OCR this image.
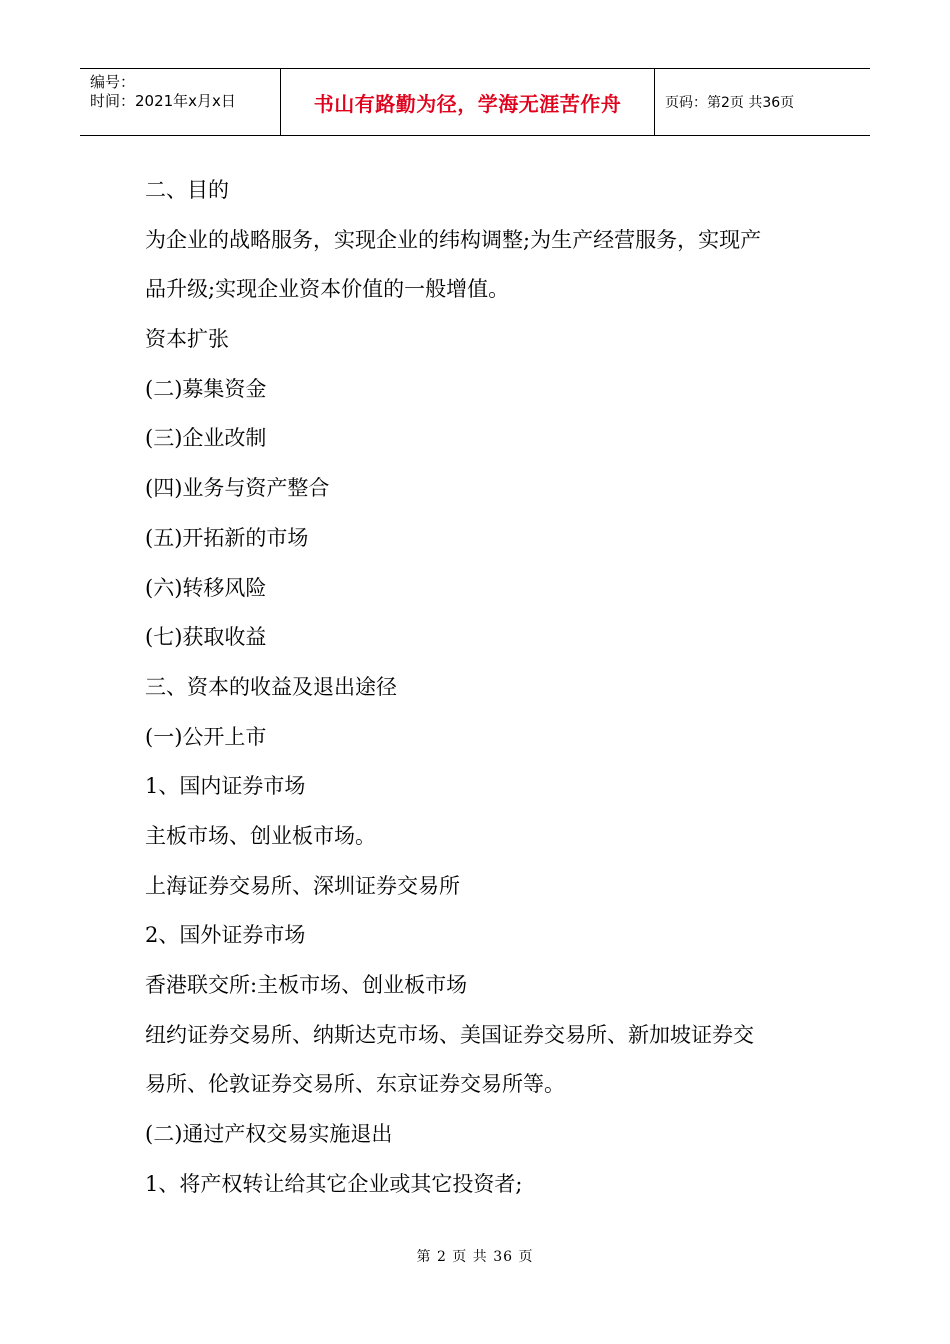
编号：
时间：2021年x月x日	书山有路勤为径，学海无涯苦作舟	页码：第2页 共36页
二、目的
为企业的战略服务，实现企业的纬构调整;为生产经营服务，实现产
品升级;实现企业资本价值的一般增值。
资本扩张
(二)募集资金
(三)企业改制
(四)业务与资产整合
(五)开拓新的市场
(六)转移风险
(七)获取收益
三、资本的收益及退出途径
(一)公开上市
1、国内证券市场
主板市场、创业板市场。
上海证券交易所、深圳证券交易所
2、国外证券市场
香港联交所:主板市场、创业板市场
纽约证券交易所、纳斯达克市场、美国证券交易所、新加坡证券交
易所、伦敦证券交易所、东京证券交易所等。
(二)通过产权交易实施退出
1、将产权转让给其它企业或其它投资者;
第 2 页 共 36 页
